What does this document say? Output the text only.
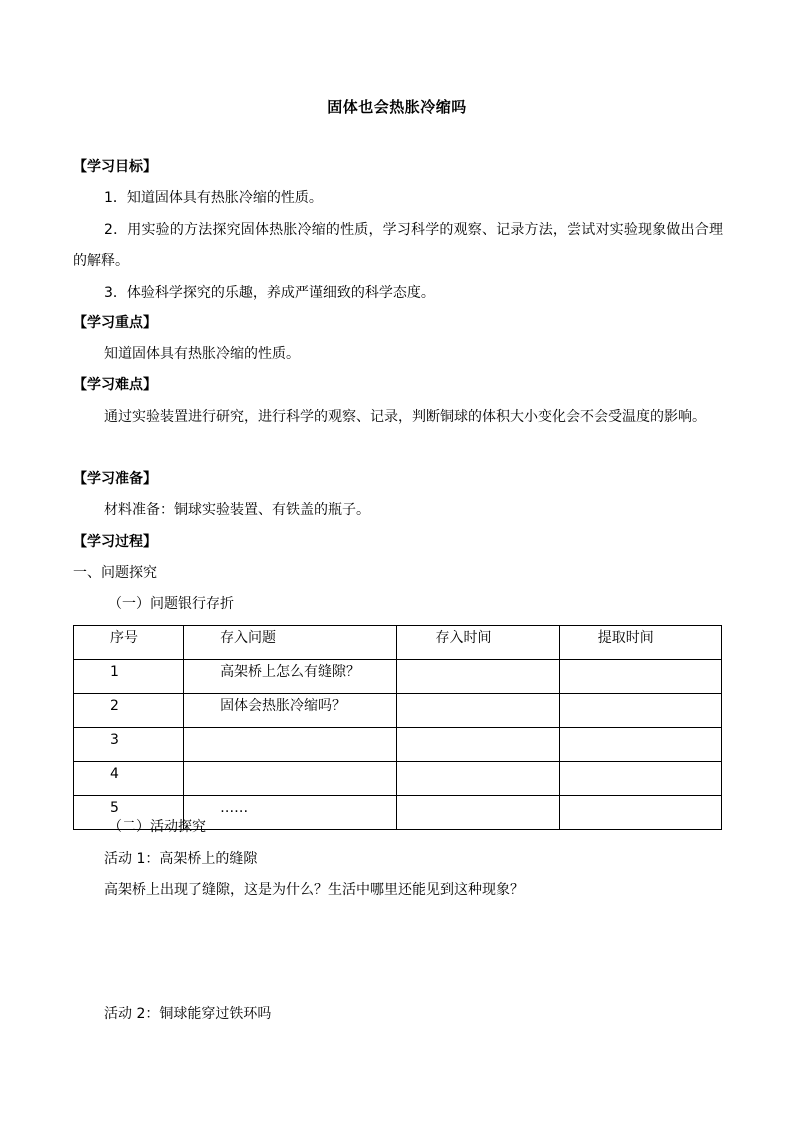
固体也会热胀冷缩吗
【学习目标】
1．知道固体具有热胀冷缩的性质。
2．用实验的方法探究固体热胀冷缩的性质，学习科学的观察、记录方法，尝试对实验现象做出合理的解释。
3．体验科学探究的乐趣，养成严谨细致的科学态度。
【学习重点】
知道固体具有热胀冷缩的性质。
【学习难点】
通过实验装置进行研究，进行科学的观察、记录，判断铜球的体积大小变化会不会受温度的影响。
【学习准备】
材料准备：铜球实验装置、有铁盖的瓶子。
【学习过程】
一、问题探究
（一）问题银行存折
序号	存入问题	存入时间	提取时间
1	高架桥上怎么有缝隙？		
2	固体会热胀冷缩吗？		
3			
4			
5	……		
（二）活动探究
活动 1：高架桥上的缝隙
高架桥上出现了缝隙，这是为什么？生活中哪里还能见到这种现象？
活动 2：铜球能穿过铁环吗
